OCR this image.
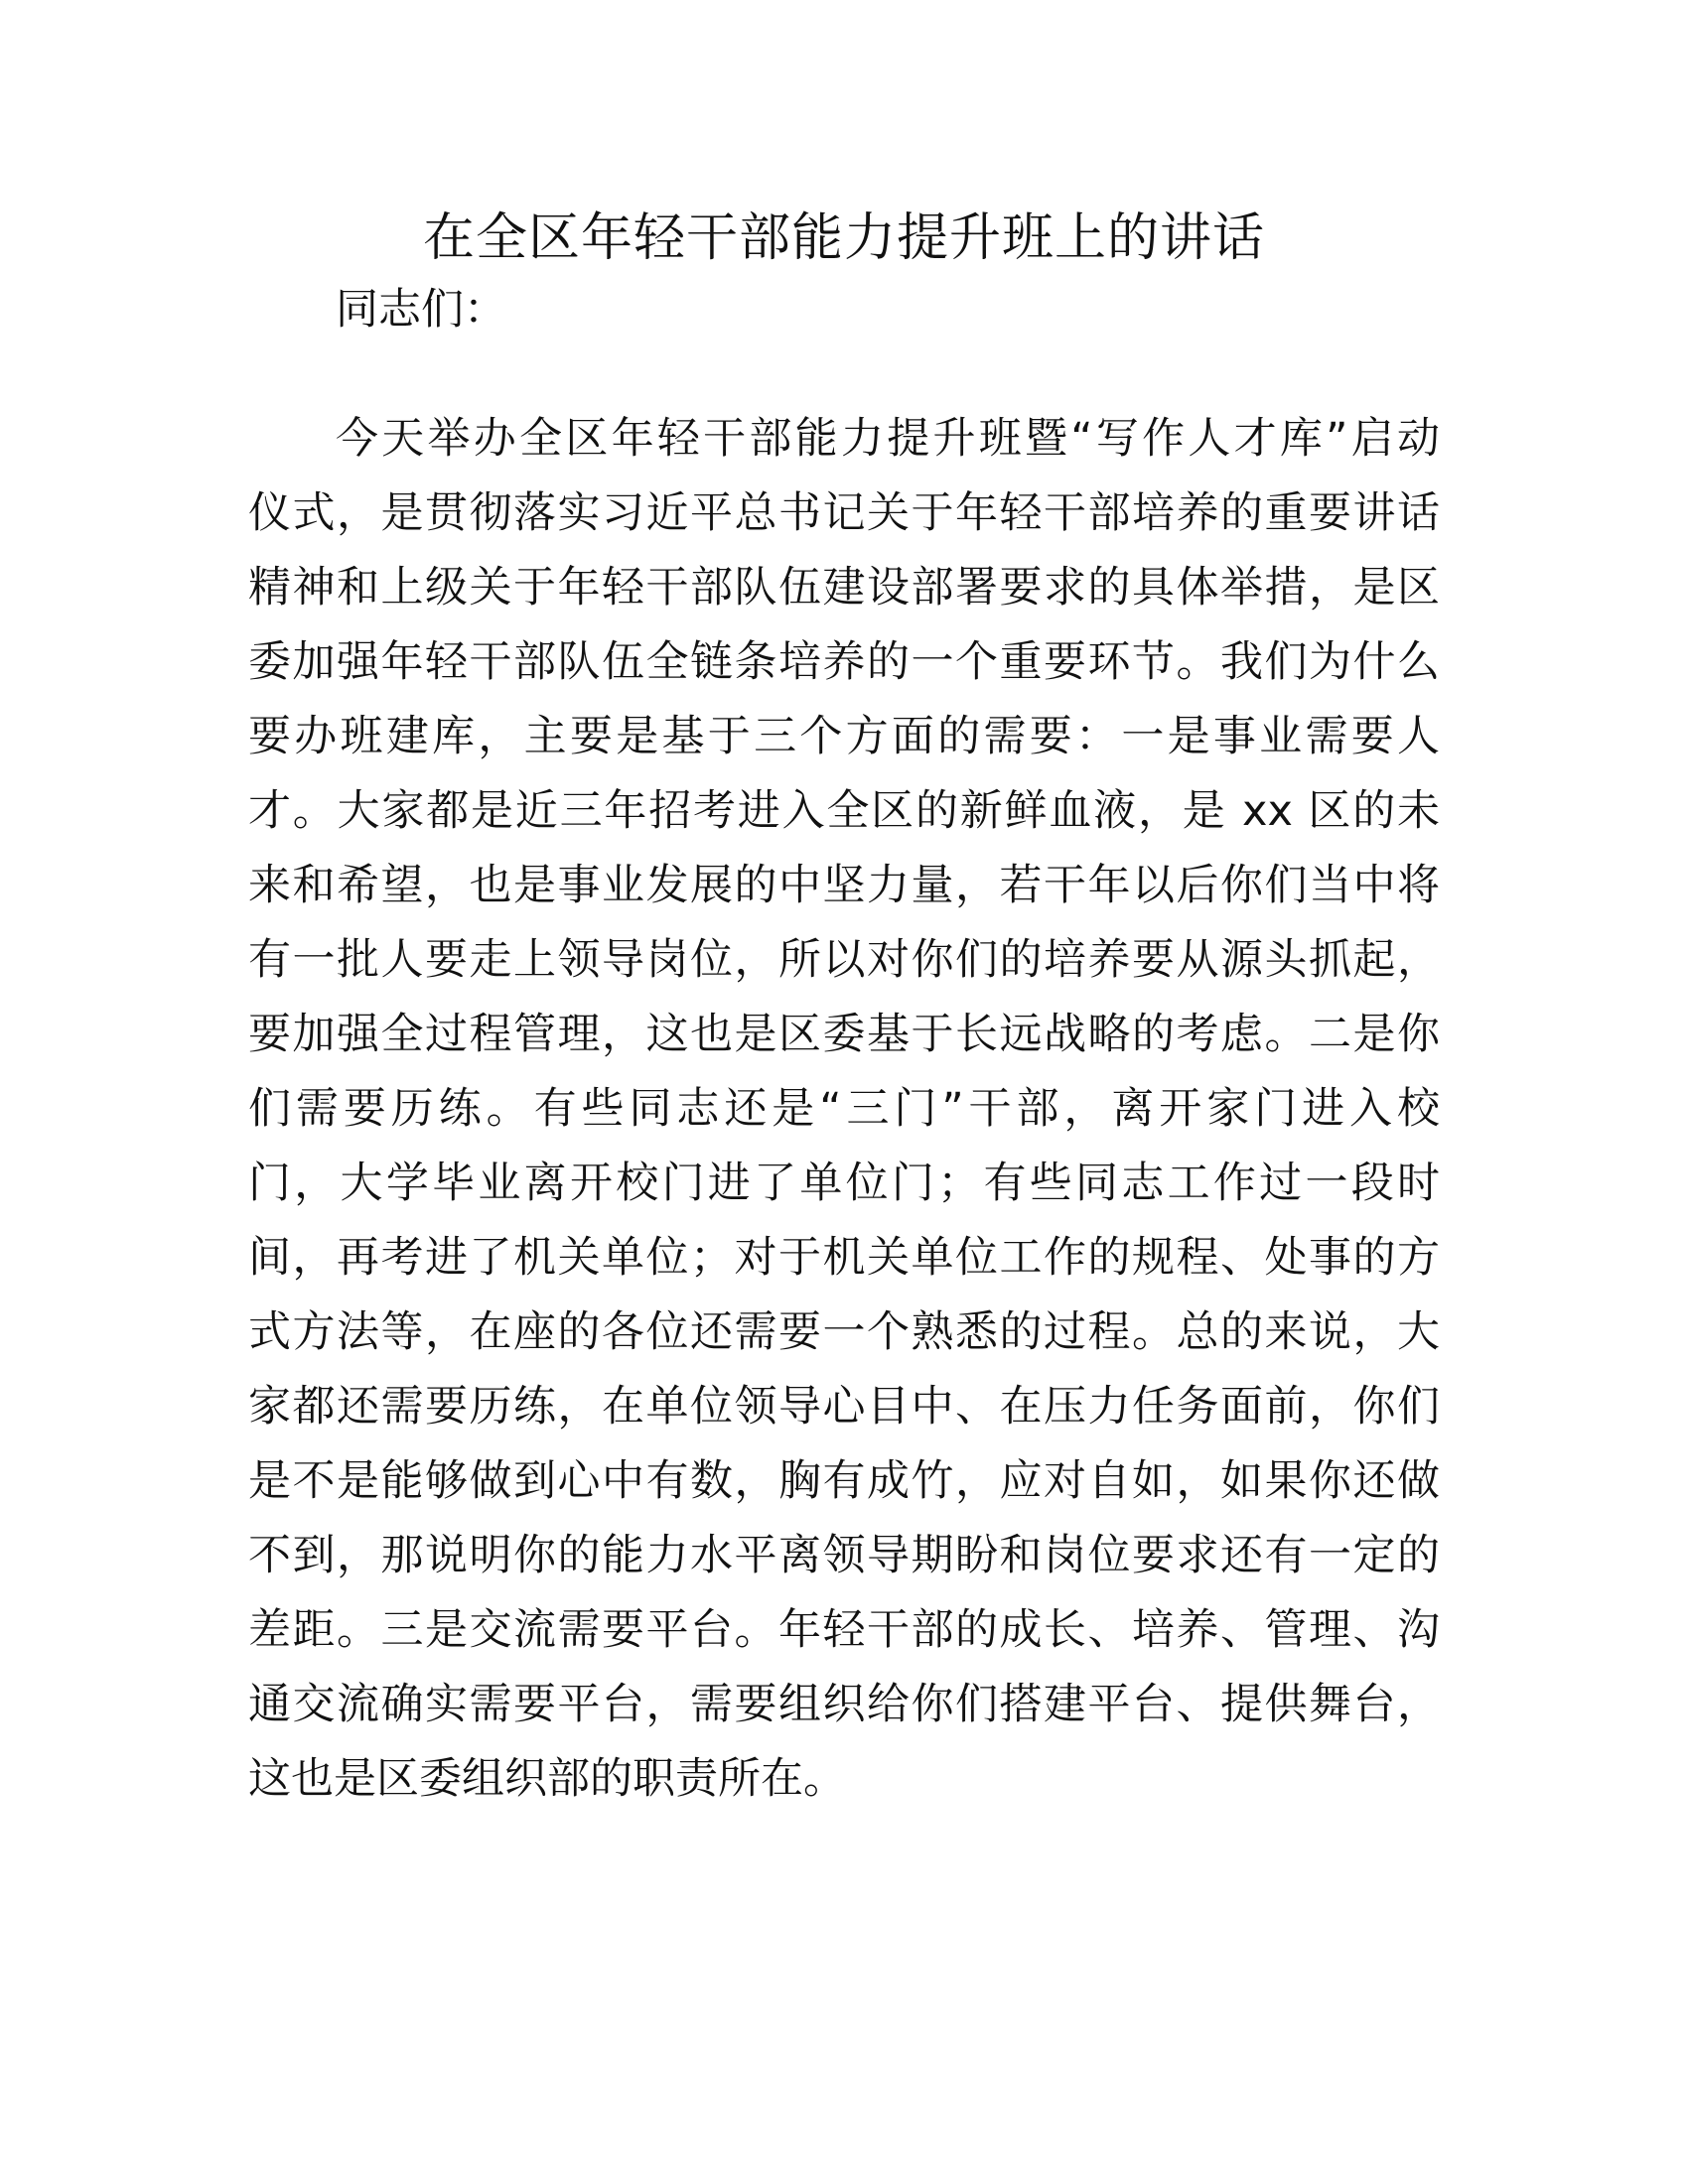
在全区年轻干部能力提升班上的讲话
同志们：
今天举办全区年轻干部能力提升班暨“写作人才库”启动
仪式，是贯彻落实习近平总书记关于年轻干部培养的重要讲话
精神和上级关于年轻干部队伍建设部署要求的具体举措，是区
委加强年轻干部队伍全链条培养的一个重要环节。我们为什么
要办班建库，主要是基于三个方面的需要：一是事业需要人
才。大家都是近三年招考进入全区的新鲜血液，是 xx 区的未
来和希望，也是事业发展的中坚力量，若干年以后你们当中将
有一批人要走上领导岗位，所以对你们的培养要从源头抓起，
要加强全过程管理，这也是区委基于长远战略的考虑。二是你
们需要历练。有些同志还是“三门”干部，离开家门进入校
门，大学毕业离开校门进了单位门；有些同志工作过一段时
间，再考进了机关单位；对于机关单位工作的规程、处事的方
式方法等，在座的各位还需要一个熟悉的过程。总的来说，大
家都还需要历练，在单位领导心目中、在压力任务面前，你们
是不是能够做到心中有数，胸有成竹，应对自如，如果你还做
不到，那说明你的能力水平离领导期盼和岗位要求还有一定的
差距。三是交流需要平台。年轻干部的成长、培养、管理、沟
通交流确实需要平台，需要组织给你们搭建平台、提供舞台，
这也是区委组织部的职责所在。
